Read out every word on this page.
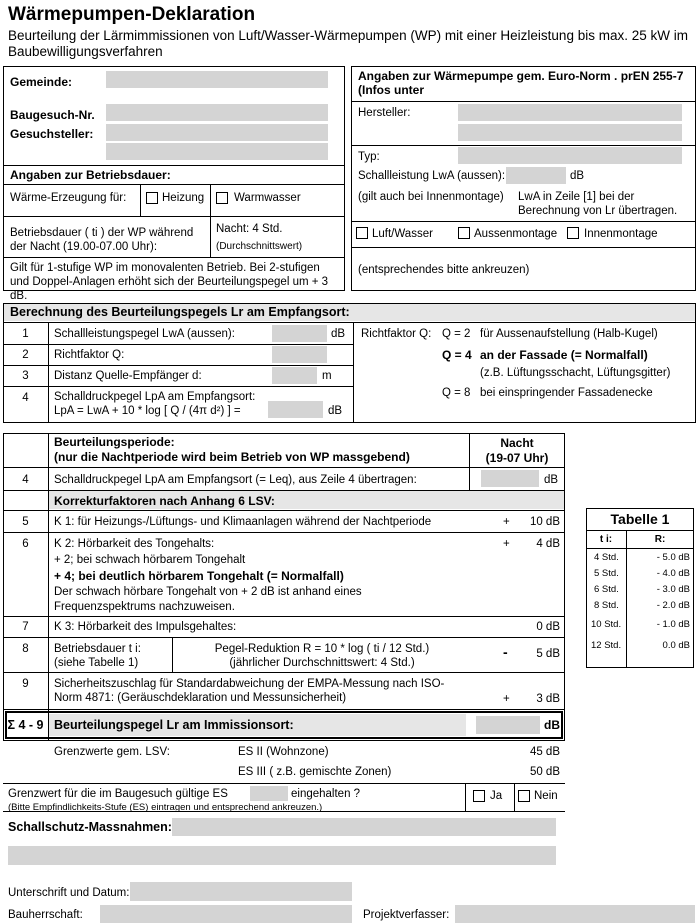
Wärmepumpen-Deklaration
Beurteilung der Lärmimmissionen von Luft/Wasser-Wärmepumpen (WP) mit einer Heizleistung bis max. 25 kW im Baubewilligungsverfahren
Gemeinde:
Baugesuch-Nr.
Gesuchsteller:
Angaben zur Betriebsdauer:
Wärme-Erzeugung für:	Heizung	Warmwasser
Betriebsdauer ( ti ) der WP während der Nacht (19.00-07.00 Uhr):
Nacht: 4 Std.
(Durchschnittswert)
Gilt für 1-stufige WP im monovalenten Betrieb. Bei 2-stufigen und Doppel-Anlagen erhöht sich der Beurteilungspegel um + 3 dB.
Angaben zur Wärmepumpe gem. Euro-Norm . prEN 255-7 (Infos unter
Hersteller:
Typ:
Schallleistung LwA (aussen):	dB
(gilt auch bei Innenmontage) LwA in Zeile [1] bei der Berechnung von Lr übertragen.
Luft/Wasser	Aussenmontage Innenmontage
(entsprechendes bitte ankreuzen)
Berechnung des Beurteilungspegels Lr am Empfangsort:
1	Schallleistungspegel LwA (aussen):	dB
2	Richtfaktor Q:
3	Distanz Quelle-Empfänger d:	m
4	Schalldruckpegel LpA am Empfangsort:
LpA = LwA + 10 * log [ Q / (4π d²) ] =	dB
Richtfaktor Q: Q = 2 für Aussenaufstellung (Halb-Kugel)
Q = 4 an der Fassade (= Normalfall)
(z.B. Lüftungsschacht, Lüftungsgitter)
Q = 8 bei einspringender Fassadenecke
Beurteilungsperiode:
(nur die Nachtperiode wird beim Betrieb von WP massgebend)
Nacht
(19-07 Uhr)
4	Schalldruckpegel LpA am Empfangsort (= Leq), aus Zeile 4 übertragen:	dB
Korrekturfaktoren nach Anhang 6 LSV:
5	K 1: für Heizungs-/Lüftungs- und Klimaanlagen während der Nachtperiode	+	10 dB
6	K 2: Hörbarkeit des Tongehalts:
+ 2; bei schwach hörbarem Tongehalt
+ 4; bei deutlich hörbarem Tongehalt (= Normalfall)
Der schwach hörbare Tongehalt von + 2 dB ist anhand eines Frequenzspektrums nachzuweisen.
+	4 dB
7	K 3: Hörbarkeit des Impulsgehaltes:	0 dB
8	Betriebsdauer t i:
(siehe Tabelle 1)
Pegel-Reduktion R = 10 * log ( ti / 12 Std.)
(jährlicher Durchschnittswert: 4 Std.)
-	5 dB
9	Sicherheitszuschlag für Standardabweichung der EMPA-Messung nach ISO-Norm 4871: (Geräuschdeklaration und Messunsicherheit)	+	3 dB
Σ 4 - 9 Beurteilungspegel Lr am Immissionsort:	dB
Grenzwerte gem. LSV:	ES II (Wohnzone)	45 dB
ES III ( z.B. gemischte Zonen)	50 dB
Grenzwert für die im Baugesuch gültige ES	eingehalten ?
(Bitte Empfindlichkeits-Stufe (ES) eintragen und entsprechend ankreuzen.)
Ja	Nein
Schallschutz-Massnahmen:
Tabelle 1
t i:	R:
4 Std.	- 5.0 dB
5 Std.	- 4.0 dB
6 Std.	- 3.0 dB
8 Std.	- 2.0 dB
10 Std.	- 1.0 dB
12 Std.	0.0 dB
Unterschrift und Datum:
Bauherrschaft:	Projektverfasser:
